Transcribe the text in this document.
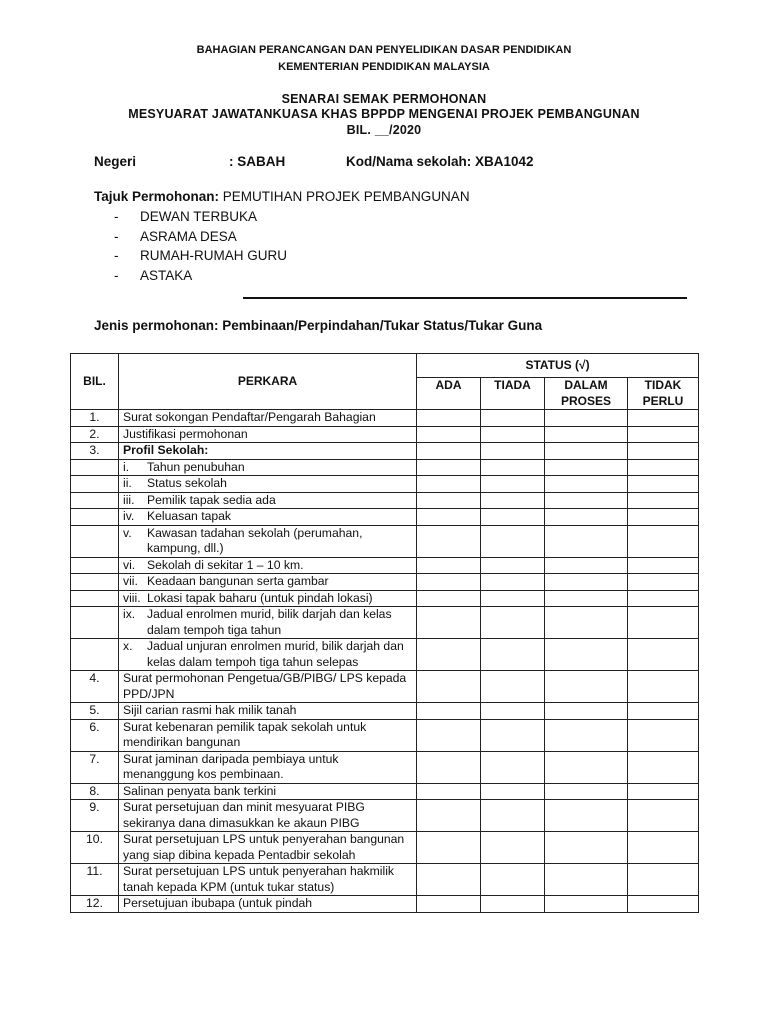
BAHAGIAN PERANCANGAN DAN PENYELIDIKAN DASAR PENDIDIKAN
KEMENTERIAN PENDIDIKAN MALAYSIA
SENARAI SEMAK PERMOHONAN
MESYUARAT JAWATANKUASA KHAS BPPDP MENGENAI PROJEK PEMBANGUNAN
BIL. __/2020
Negeri	: SABAH	Kod/Nama sekolah: XBA1042
Tajuk Permohonan: PEMUTIHAN PROJEK PEMBANGUNAN
- DEWAN TERBUKA
- ASRAMA DESA
- RUMAH-RUMAH GURU
- ASTAKA
Jenis permohonan: Pembinaan/Perpindahan/Tukar Status/Tukar Guna
BIL.	PERKARA	STATUS (√)			
		ADA	TIADA	DALAM PROSES	TIDAK PERLU
1.	Surat sokongan Pendaftar/Pengarah Bahagian				
2.	Justifikasi permohonan				
3.	Profil Sekolah:				
	i. Tahun penubuhan				
	ii. Status sekolah				
	iii. Pemilik tapak sedia ada				
	iv. Keluasan tapak				
	v. Kawasan tadahan sekolah (perumahan, kampung, dll.)				
	vi. Sekolah di sekitar 1 – 10 km.				
	vii. Keadaan bangunan serta gambar				
	viii. Lokasi tapak baharu (untuk pindah lokasi)				
	ix. Jadual enrolmen murid, bilik darjah dan kelas dalam tempoh tiga tahun				
	x. Jadual unjuran enrolmen murid, bilik darjah dan kelas dalam tempoh tiga tahun selepas				
4.	Surat permohonan Pengetua/GB/PIBG/ LPS kepada PPD/JPN				
5.	Sijil carian rasmi hak milik tanah				
6.	Surat kebenaran pemilik tapak sekolah untuk mendirikan bangunan				
7.	Surat jaminan daripada pembiaya untuk menanggung kos pembinaan.				
8.	Salinan penyata bank terkini				
9.	Surat persetujuan dan minit mesyuarat PIBG sekiranya dana dimasukkan ke akaun PIBG				
10.	Surat persetujuan LPS untuk penyerahan bangunan yang siap dibina kepada Pentadbir sekolah				
11.	Surat persetujuan LPS untuk penyerahan hakmilik tanah kepada KPM (untuk tukar status)				
12.	Persetujuan ibubapa (untuk pindah				
